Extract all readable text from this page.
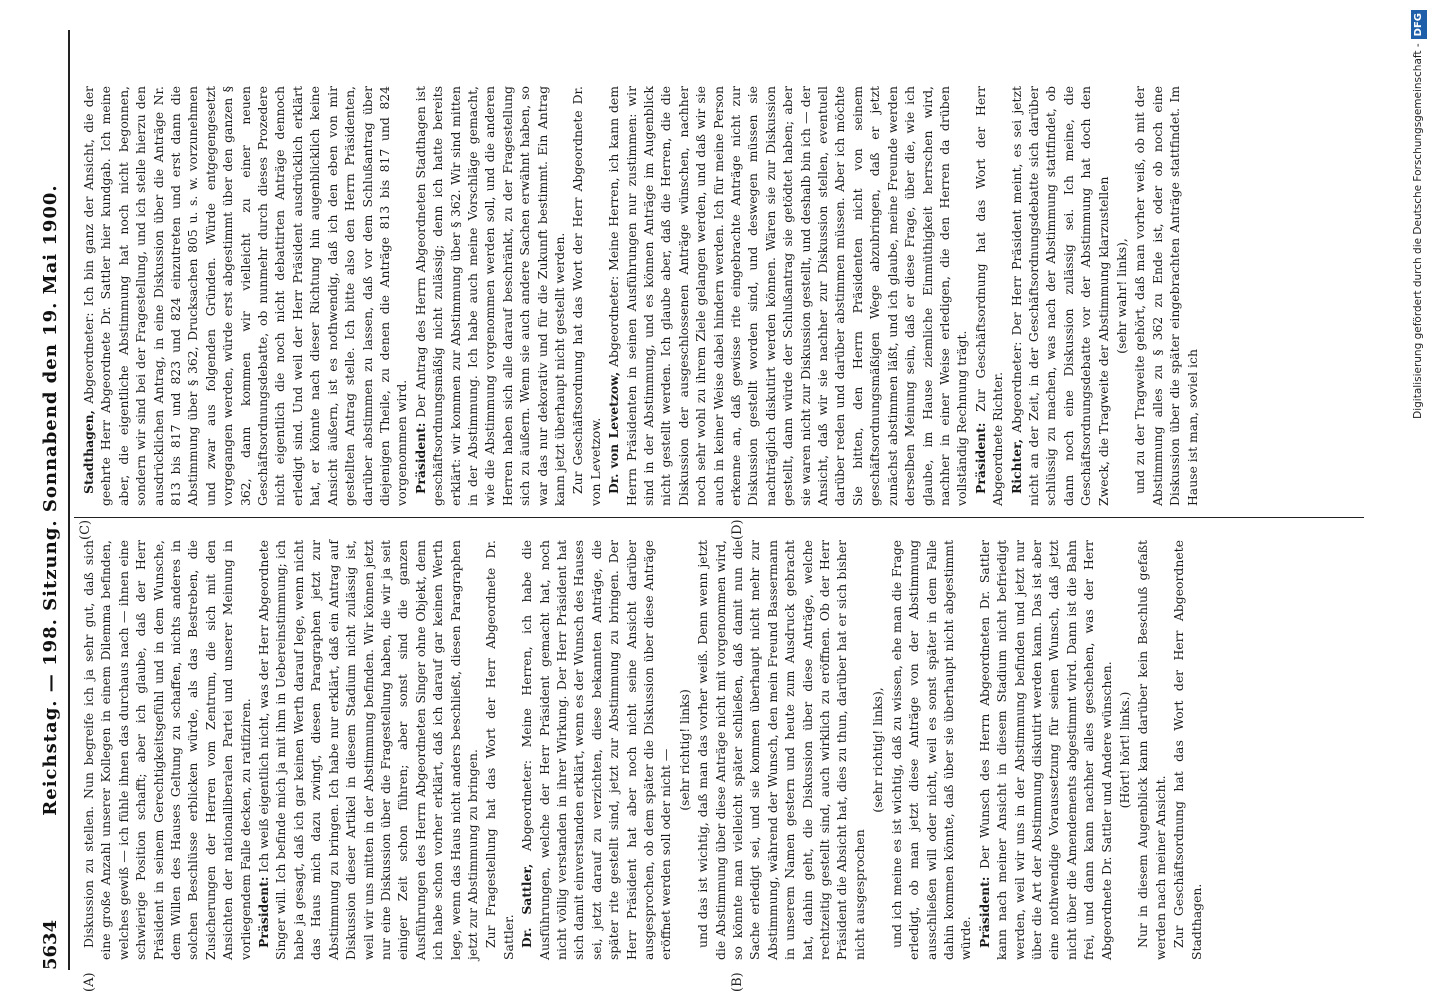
5634
Reichstag. — 198. Sitzung. Sonnabend den 19. Mai 1900.
(A)	(B)
(C)	(D)

Diskussion zu stellen. Nun begreife ich ja sehr gut, daß sich eine große Anzahl unserer Kollegen in einem Dilemma befinden, welches gewiß — ich fühle ihnen das durchaus nach — ihnen eine schwierige Position schafft; aber ich glaube, daß der Herr Präsident in seinem Gerechtigkeitsgefühl und in dem Wunsche, dem Willen des Hauses Geltung zu schaffen, nichts anderes in solchen Beschlüsse erblicken würde, als das Bestreben, die Zusicherungen der Herren vom Zentrum, die sich mit den Ansichten der nationalliberalen Partei und unserer Meinung in vorliegendem Falle decken, zu ratifiziren. Präsident: Ich weiß eigentlich nicht, was der Herr Abgeordnete Singer will. Ich befinde mich ja mit ihm in Uebereinstimmung; ich habe ja gesagt, daß ich gar keinen Werth darauf lege, wenn nicht das Haus mich dazu zwingt, diesen Paragraphen jetzt zur Abstimmung zu bringen. Ich habe nur erklärt, daß ein Antrag auf Diskussion dieser Artikel in diesem Stadium nicht zulässig ist, weil wir uns mitten in der Abstimmung befinden. Wir können jetzt nur eine Diskussion über die Fragestellung haben, die wir ja seit einiger Zeit schon führen; aber sonst sind die ganzen Ausführungen des Herrn Abgeordneten Singer ohne Objekt, denn ich habe schon vorher erklärt, daß ich darauf gar keinen Werth lege, wenn das Haus nicht anders beschließt, diesen Paragraphen jetzt zur Abstimmung zu bringen. Zur Fragestellung hat das Wort der Herr Abgeordnete Dr. Sattler. Dr. Sattler, Abgeordneter: Meine Herren, ich habe die Ausführungen, welche der Herr Präsident gemacht hat, noch nicht völlig verstanden in ihrer Wirkung. Der Herr Präsident hat sich damit einverstanden erklärt, wenn es der Wunsch des Hauses sei, jetzt darauf zu verzichten, diese bekannten Anträge, die später rite gestellt sind, jetzt zur Abstimmung zu bringen. Der Herr Präsident hat aber noch nicht seine Ansicht darüber ausgesprochen, ob dem später die Diskussion über diese Anträge eröffnet werden soll oder nicht — (sehr richtig! links) und das ist wichtig, daß man das vorher weiß. Denn wenn jetzt die Abstimmung über diese Anträge nicht mit vorgenommen wird, so könnte man vielleicht später schließen, daß damit nun die Sache erledigt sei, und sie kommen überhaupt nicht mehr zur Abstimmung, während der Wunsch, den mein Freund Bassermann in unserem Namen gestern und heute zum Ausdruck gebracht hat, dahin geht, die Diskussion über diese Anträge, welche rechtzeitig gestellt sind, auch wirklich zu eröffnen. Ob der Herr Präsident die Absicht hat, dies zu thun, darüber hat er sich bisher nicht ausgesprochen

(sehr richtig! links), und ich meine es ist wichtig, daß zu wissen, ehe man die Frage erledigt, ob man jetzt diese Anträge von der Abstimmung ausschließen will oder nicht, weil es sonst später in dem Falle dahin kommen könnte, daß über sie überhaupt nicht abgestimmt würde. Präsident: Der Wunsch des Herrn Abgeordneten Dr. Sattler kann nach meiner Ansicht in diesem Stadium nicht befriedigt werden, weil wir uns in der Abstimmung befinden und jetzt nur über die Art der Abstimmung diskutirt werden kann. Das ist aber eine nothwendige Voraussetzung für seinen Wunsch, daß jetzt nicht über die Amendements abgestimmt wird. Dann ist die Bahn frei, und dann kann nachher alles geschehen, was der Herr Abgeordnete Dr. Sattler und Andere wünschen. (Hört! hört! links.) Nur in diesem Augenblick kann darüber kein Beschluß gefaßt werden nach meiner Ansicht. Zur Geschäftsordnung hat das Wort der Herr Abgeordnete Stadthagen.

Stadthagen, Abgeordneter: Ich bin ganz der Ansicht, die der geehrte Herr Abgeordnete Dr. Sattler hier kundgab. Ich meine aber, die eigentliche Abstimmung hat noch nicht begonnen, sondern wir sind bei der Fragestellung, und ich stelle hierzu den ausdrücklichen Antrag, in eine Diskussion über die Anträge Nr. 813 bis 817 und 823 und 824 einzutreten und erst dann die Abstimmung über § 362, Drucksachen 805 u. s. w. vorzunehmen und zwar aus folgenden Gründen. Würde entgegengesetzt vorgegangen werden, würde erst abgestimmt über den ganzen § 362, dann kommen wir vielleicht zu einer neuen Geschäftsordnungsdebatte, ob nunmehr durch dieses Prozedere nicht eigentlich die noch nicht debattirten Anträge dennoch erledigt sind. Und weil der Herr Präsident ausdrücklich erklärt hat, er könnte nach dieser Richtung hin augenblicklich keine Ansicht äußern, ist es nothwendig, daß ich den eben von mir gestellten Antrag stelle. Ich bitte also den Herrn Präsidenten, darüber abstimmen zu lassen, daß vor dem Schlußantrag über diejenigen Theile, zu denen die Anträge 813 bis 817 und 824 vorgenommen wird. Präsident: Der Antrag des Herrn Abgeordneten Stadthagen ist geschäftsordnungsmäßig nicht zulässig; denn ich hatte bereits erklärt: wir kommen zur Abstimmung über § 362. Wir sind mitten in der Abstimmung. Ich habe auch meine Vorschläge gemacht, wie die Abstimmung vorgenommen werden soll, und die anderen Herren haben sich alle darauf beschränkt, zu der Fragestellung sich zu äußern. Wenn sie auch andere Sachen erwähnt haben, so war das nur dekorativ und für die Zukunft bestimmt. Ein Antrag kann jetzt überhaupt nicht gestellt werden. Zur Geschäftsordnung hat das Wort der Herr Abgeordnete Dr. von Levetzow. Dr. von Levetzow, Abgeordneter: Meine Herren, ich kann dem Herrn Präsidenten in seinen Ausführungen nur zustimmen: wir sind in der Abstimmung, und es können Anträge im Augenblick nicht gestellt werden. Ich glaube aber, daß die Herren, die die Diskussion der ausgeschlossenen Anträge wünschen, nachher noch sehr wohl zu ihrem Ziele gelangen werden, und daß wir sie auch in keiner Weise dabei hindern werden. Ich für meine Person erkenne an, daß gewisse rite eingebrachte Anträge nicht zur Diskussion gestellt worden sind, und deswegen müssen sie nachträglich diskutirt werden können. Wären sie zur Diskussion gestellt, dann würde der Schlußantrag sie getödtet haben; aber sie waren nicht zur Diskussion gestellt, und deshalb bin ich — der Ansicht, daß wir sie nachher zur Diskussion stellen, eventuell darüber reden und darüber abstimmen müssen. Aber ich möchte Sie bitten, den Herrn Präsidenten nicht von seinem geschäftsordnungsmäßigen Wege abzubringen, daß er jetzt zunächst abstimmen läßt, und ich glaube, meine Freunde werden derselben Meinung sein, daß er diese Frage, über die, wie ich glaube, im Hause ziemliche Einmüthigkeit herrschen wird, nachher in einer Weise erledigen, die den Herren da drüben vollständig Rechnung trägt. Präsident: Zur Geschäftsordnung hat das Wort der Herr Abgeordnete Richter. Richter, Abgeordneter: Der Herr Präsident meint, es sei jetzt nicht an der Zeit, in der Geschäftsordnungsdebatte sich darüber schlüssig zu machen, was nach der Abstimmung stattfindet, ob dann noch eine Diskussion zulässig sei. Ich meine, die Geschäftsordnungsdebatte vor der Abstimmung hat doch den Zweck, die Tragweite der Abstimmung klarzustellen (sehr wahr! links), und zu der Tragweite gehört, daß man vorher weiß, ob mit der Abstimmung alles zu § 362 zu Ende ist, oder ob noch eine Diskussion über die später eingebrachten Anträge stattfindet. Im Hause ist man, soviel ich

Digitalisierung gefördert durch die Deutsche Forschungsgemeinschaft -DFG
